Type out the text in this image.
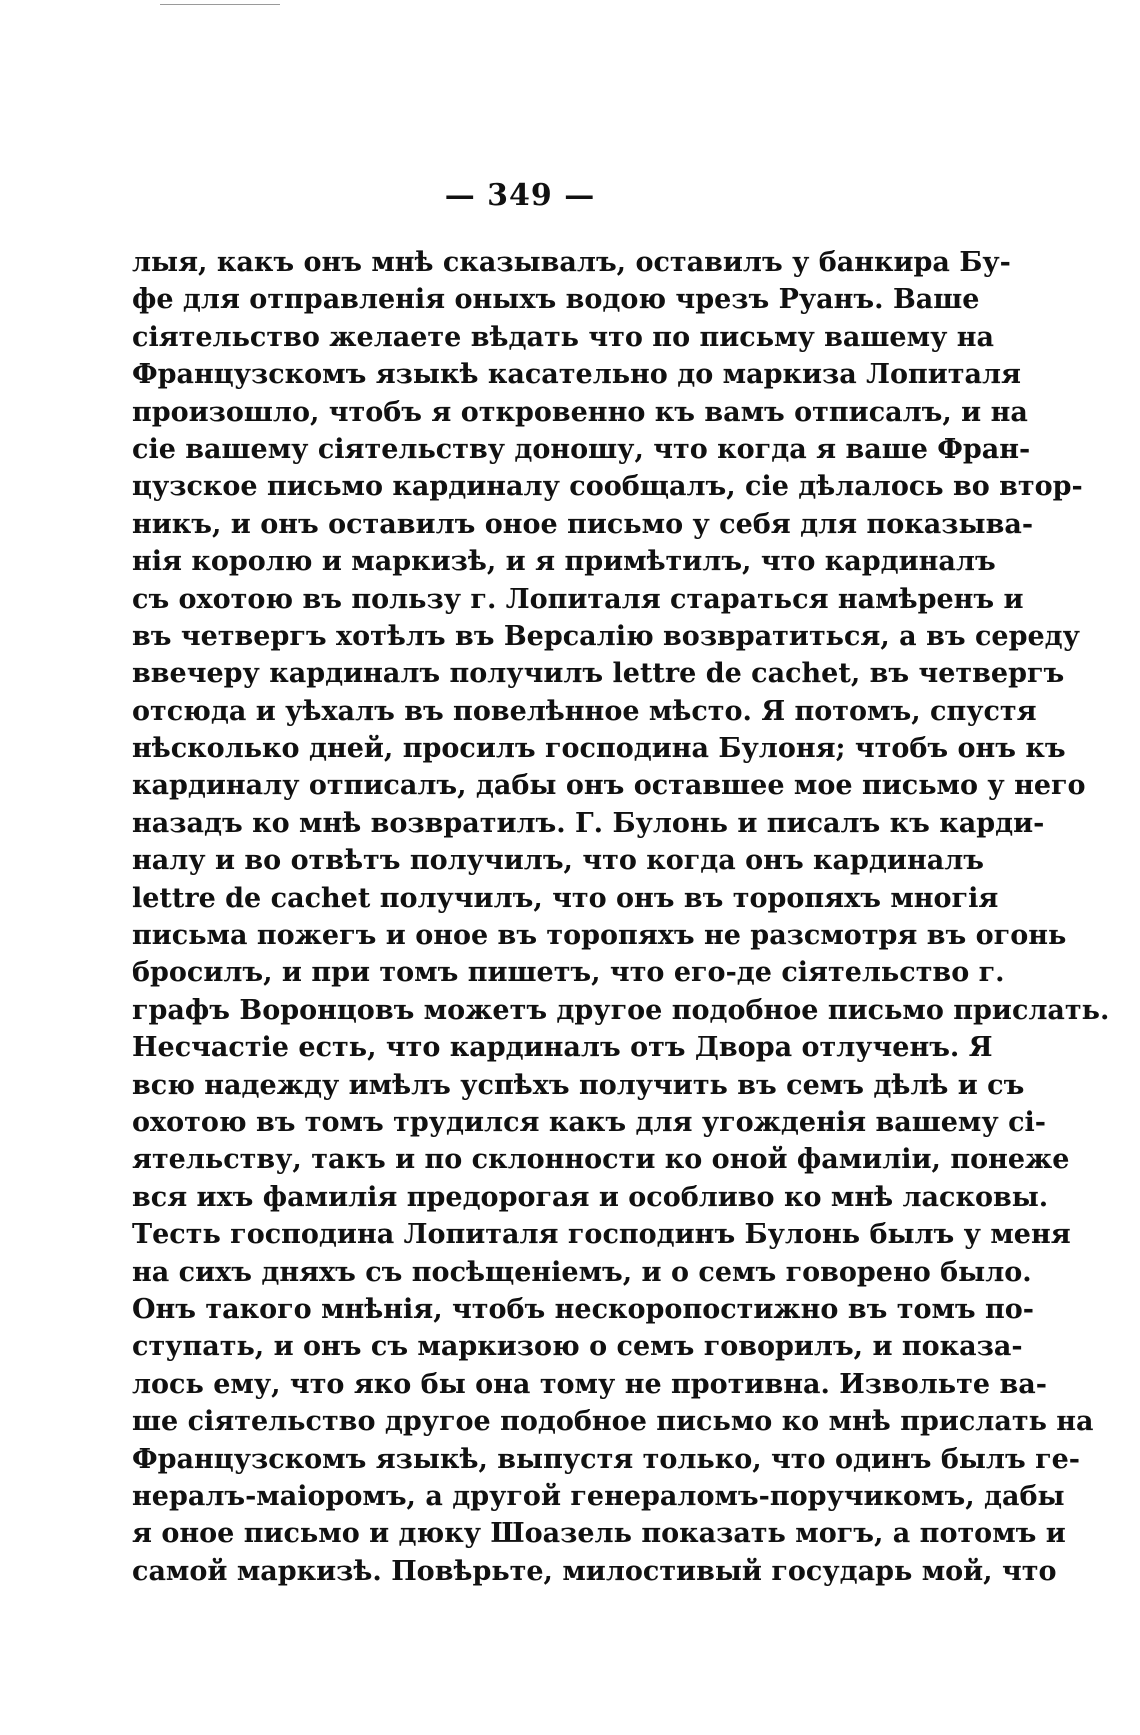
— 349 —
лыя, какъ онъ мнѣ сказывалъ, оставилъ у банкира Бу-
фе для отправленія оныхъ водою чрезъ Руанъ. Ваше
сіятельство желаете вѣдать что по письму вашему на
Французскомъ языкѣ касательно до маркиза Лопиталя
произошло, чтобъ я откровенно къ вамъ отписалъ, и на
сіе вашему сіятельству доношу, что когда я ваше Фран-
цузское письмо кардиналу сообщалъ, сіе дѣлалось во втор-
никъ, и онъ оставилъ оное письмо у себя для показыва-
нія королю и маркизѣ, и я примѣтилъ, что кардиналъ
съ охотою въ пользу г. Лопиталя стараться намѣренъ и
въ четвергъ хотѣлъ въ Версалію возвратиться, а въ середу
ввечеру кардиналъ получилъ lettre de cachet, въ четвергъ
отсюда и уѣхалъ въ повелѣнное мѣсто. Я потомъ, спустя
нѣсколько дней, просилъ господина Булоня; чтобъ онъ къ
кардиналу отписалъ, дабы онъ оставшее мое письмо у него
назадъ ко мнѣ возвратилъ. Г. Булонь и писалъ къ карди-
налу и во отвѣтъ получилъ, что когда онъ кардиналъ
lettre de cachet получилъ, что онъ въ торопяхъ многія
письма пожегъ и оное въ торопяхъ не разсмотря въ огонь
бросилъ, и при томъ пишетъ, что его-де сіятельство г.
графъ Воронцовъ можетъ другое подобное письмо прислать.
Несчастіе есть, что кардиналъ отъ Двора отлученъ. Я
всю надежду имѣлъ успѣхъ получить въ семъ дѣлѣ и съ
охотою въ томъ трудился какъ для угожденія вашему сі-
ятельству, такъ и по склонности ко оной фамиліи, понеже
вся ихъ фамилія предорогая и особливо ко мнѣ ласковы.
Тесть господина Лопиталя господинъ Булонь былъ у меня
на сихъ дняхъ съ посѣщеніемъ, и о семъ говорено было.
Онъ такого мнѣнія, чтобъ нескоропостижно въ томъ по-
ступать, и онъ съ маркизою о семъ говорилъ, и показа-
лось ему, что яко бы она тому не противна. Извольте ва-
ше сіятельство другое подобное письмо ко мнѣ прислать на
Французскомъ языкѣ, выпустя только, что одинъ былъ ге-
нералъ-маіоромъ, а другой генераломъ-поручикомъ, дабы
я оное письмо и дюку Шоазель показать могъ, а потомъ и
самой маркизѣ. Повѣрьте, милостивый государь мой, что
